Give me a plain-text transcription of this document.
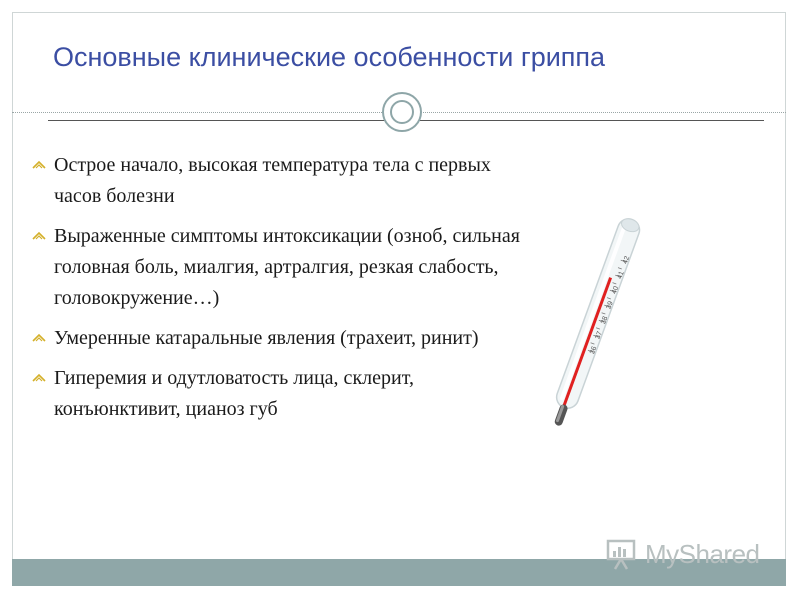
Основные клинические особенности гриппа
Острое начало, высокая температура тела с первых часов болезни
Выраженные симптомы интоксикации (озноб, сильная головная боль, миалгия, артралгия, резкая слабость, головокружение…)
Умеренные катаральные явления (трахеит, ринит)
Гиперемия и одутловатость лица, склерит, конъюнктивит, цианоз губ
36
37
38
39
40
41
42
MyShared
